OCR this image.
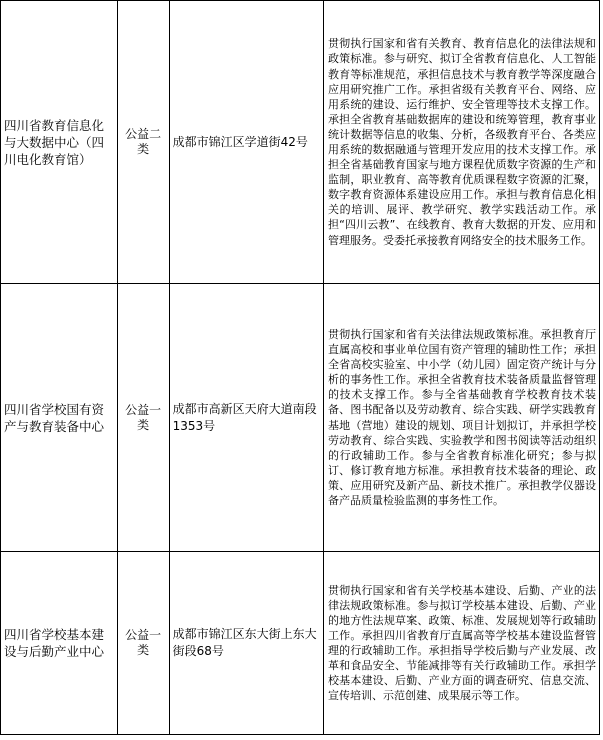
四川省教育信息化与大数据中心（四川电化教育馆）	公益二类	成都市锦江区学道街42号	贯彻执行国家和省有关教育、教育信息化的法律法规和政策标准。参与研究、拟订全省教育信息化、人工智能教育等标准规范，承担信息技术与教育教学等深度融合应用研究推广工作。承担省级有关教育平台、网络、应用系统的建设、运行维护、安全管理等技术支撑工作。承担全省教育基础数据库的建设和统筹管理，教育事业统计数据等信息的收集、分析，各级教育平台、各类应用系统的数据融通与管理开发应用的技术支撑工作。承担全省基础教育国家与地方课程优质数字资源的生产和监制，职业教育、高等教育优质课程数字资源的汇聚，数字教育资源体系建设应用工作。承担与教育信息化相关的培训、展评、教学研究、教学实践活动工作。承担“四川云教”、在线教育、教育大数据的开发、应用和管理服务。受委托承接教育网络安全的技术服务工作。
四川省学校国有资产与教育装备中心	公益一类	成都市高新区天府大道南段1353号	贯彻执行国家和省有关法律法规政策标准。承担教育厅直属高校和事业单位国有资产管理的辅助性工作；承担全省高校实验室、中小学（幼儿园）固定资产统计与分析的事务性工作。承担全省教育技术装备质量监督管理的技术支撑工作。参与全省基础教育学校教育技术装备、图书配备以及劳动教育、综合实践、研学实践教育基地（营地）建设的规划、项目计划拟订，并承担学校劳动教育、综合实践、实验教学和图书阅读等活动组织的行政辅助工作。参与全省教育标准化研究；参与拟订、修订教育地方标准。承担教育技术装备的理论、政策、应用研究及新产品、新技术推广。承担教学仪器设备产品质量检验监测的事务性工作。
四川省学校基本建设与后勤产业中心	公益一类	成都市锦江区东大街上东大街段68号	贯彻执行国家和省有关学校基本建设、后勤、产业的法律法规政策标准。参与拟订学校基本建设、后勤、产业的地方性法规草案、政策、标准、发展规划等行政辅助工作。承担四川省教育厅直属高等学校基本建设监督管理的行政辅助工作。承担指导学校后勤与产业发展、改革和食品安全、节能减排等有关行政辅助工作。承担学校基本建设、后勤、产业方面的调查研究、信息交流、宣传培训、示范创建、成果展示等工作。
